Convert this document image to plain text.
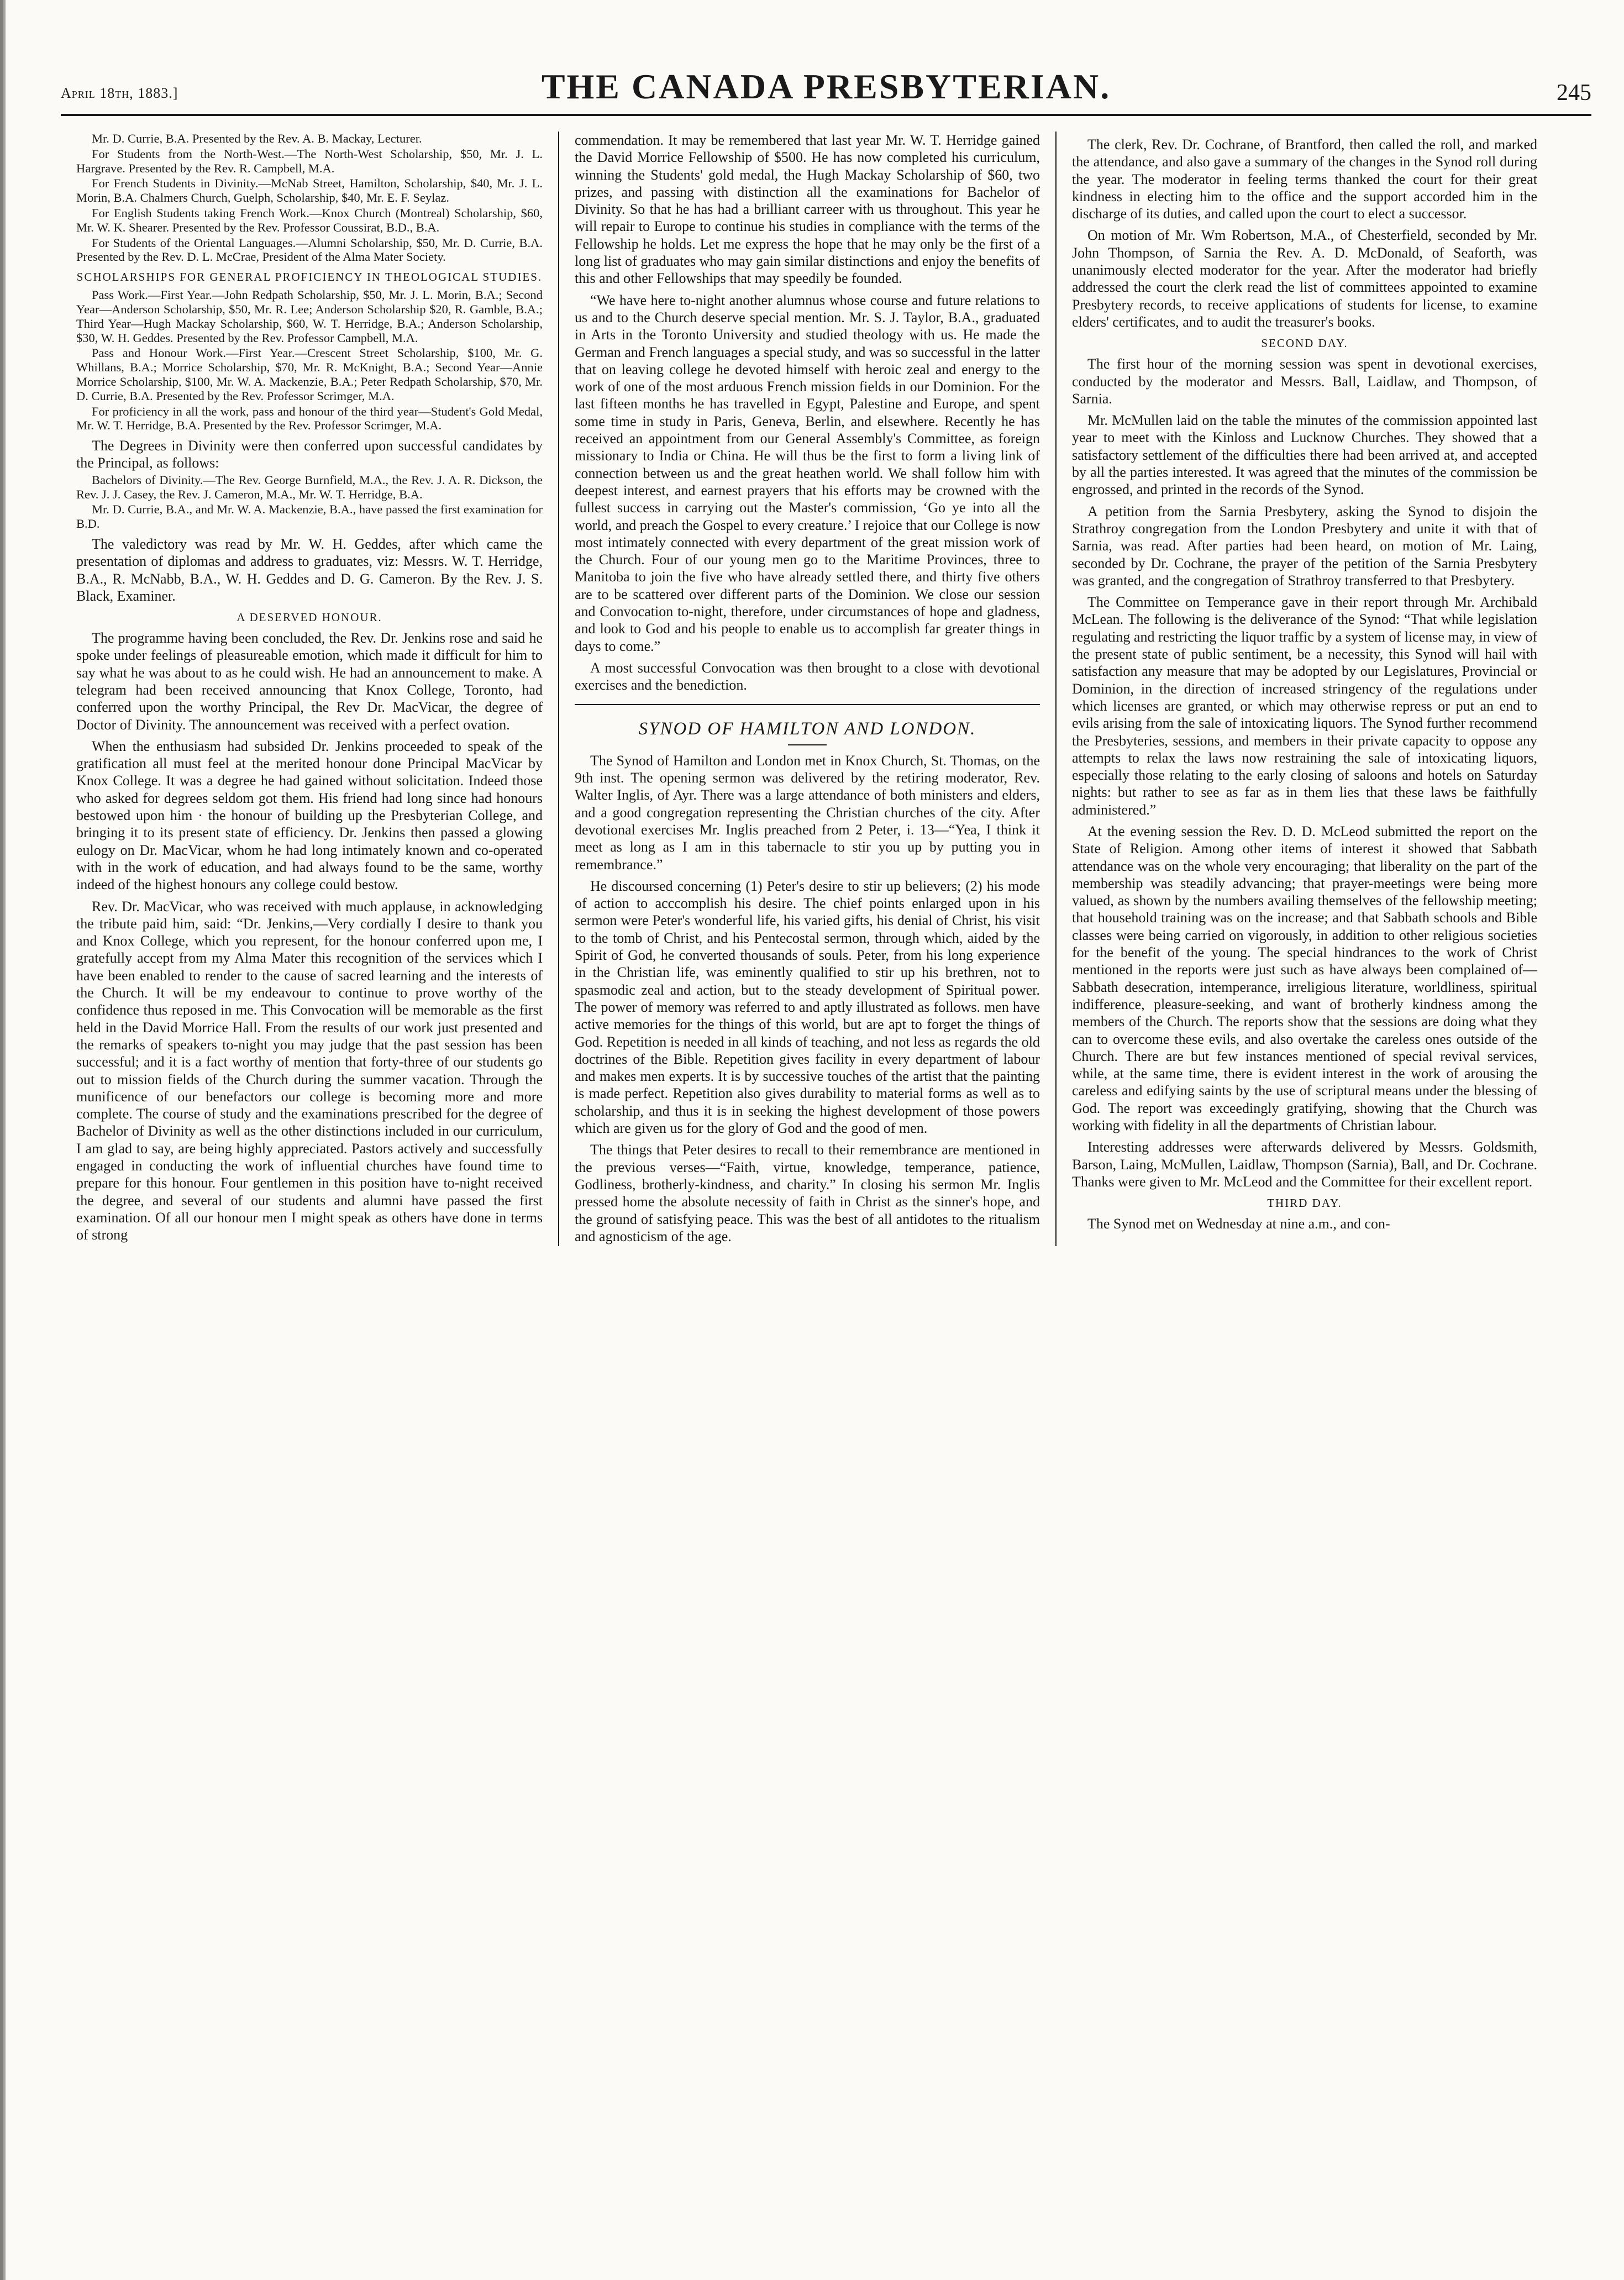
April 18th, 1883.]	THE CANADA PRESBYTERIAN.	245

Mr. D. Currie, B.A. Presented by the Rev. A. B. Mackay, Lecturer.

For Students from the North-West.—The North-West Scholarship, $50, Mr. J. L. Hargrave. Presented by the Rev. R. Campbell, M.A.

For French Students in Divinity.—McNab Street, Hamilton, Scholarship, $40, Mr. J. L. Morin, B.A. Chalmers Church, Guelph, Scholarship, $40, Mr. E. F. Seylaz.

For English Students taking French Work.—Knox Church (Montreal) Scholarship, $60, Mr. W. K. Shearer. Presented by the Rev. Professor Coussirat, B.D., B.A.

For Students of the Oriental Languages.—Alumni Scholarship, $50, Mr. D. Currie, B.A. Presented by the Rev. D. L. McCrae, President of the Alma Mater Society.

SCHOLARSHIPS FOR GENERAL PROFICIENCY IN THEOLOGICAL STUDIES.

Pass Work.—First Year.—John Redpath Scholarship, $50, Mr. J. L. Morin, B.A.; Second Year—Anderson Scholarship, $50, Mr. R. Lee; Anderson Scholarship $20, R. Gamble, B.A.; Third Year—Hugh Mackay Scholarship, $60, W. T. Herridge, B.A.; Anderson Scholarship, $30, W. H. Geddes. Presented by the Rev. Professor Campbell, M.A.

Pass and Honour Work.—First Year.—Crescent Street Scholarship, $100, Mr. G. Whillans, B.A.; Morrice Scholarship, $70, Mr. R. McKnight, B.A.; Second Year—Annie Morrice Scholarship, $100, Mr. W. A. Mackenzie, B.A.; Peter Redpath Scholarship, $70, Mr. D. Currie, B.A. Presented by the Rev. Professor Scrimger, M.A.

For proficiency in all the work, pass and honour of the third year—Student's Gold Medal, Mr. W. T. Herridge, B.A. Presented by the Rev. Professor Scrimger, M.A.

The Degrees in Divinity were then conferred upon successful candidates by the Principal, as follows:

Bachelors of Divinity.—The Rev. George Burnfield, M.A., the Rev. J. A. R. Dickson, the Rev. J. J. Casey, the Rev. J. Cameron, M.A., Mr. W. T. Herridge, B.A.

Mr. D. Currie, B.A., and Mr. W. A. Mackenzie, B.A., have passed the first examination for B.D.

The valedictory was read by Mr. W. H. Geddes, after which came the presentation of diplomas and address to graduates, viz: Messrs. W. T. Herridge, B.A., R. McNabb, B.A., W. H. Geddes and D. G. Cameron. By the Rev. J. S. Black, Examiner.

A DESERVED HONOUR.

The programme having been concluded, the Rev. Dr. Jenkins rose and said he spoke under feelings of pleasureable emotion, which made it difficult for him to say what he was about to as he could wish. He had an announcement to make. A telegram had been received announcing that Knox College, Toronto, had conferred upon the worthy Principal, the Rev Dr. MacVicar, the degree of Doctor of Divinity. The announcement was received with a perfect ovation.

When the enthusiasm had subsided Dr. Jenkins proceeded to speak of the gratification all must feel at the merited honour done Principal MacVicar by Knox College. It was a degree he had gained without solicitation. Indeed those who asked for degrees seldom got them. His friend had long since had honours bestowed upon him · the honour of building up the Presbyterian College, and bringing it to its present state of efficiency. Dr. Jenkins then passed a glowing eulogy on Dr. MacVicar, whom he had long intimately known and co-operated with in the work of education, and had always found to be the same, worthy indeed of the highest honours any college could bestow.

Rev. Dr. MacVicar, who was received with much applause, in acknowledging the tribute paid him, said: “Dr. Jenkins,—Very cordially I desire to thank you and Knox College, which you represent, for the honour conferred upon me, I gratefully accept from my Alma Mater this recognition of the services which I have been enabled to render to the cause of sacred learning and the interests of the Church. It will be my endeavour to continue to prove worthy of the confidence thus reposed in me. This Convocation will be memorable as the first held in the David Morrice Hall. From the results of our work just presented and the remarks of speakers to-night you may judge that the past session has been successful; and it is a fact worthy of mention that forty-three of our students go out to mission fields of the Church during the summer vacation. Through the munificence of our benefactors our college is becoming more and more complete. The course of study and the examinations prescribed for the degree of Bachelor of Divinity as well as the other distinctions included in our curriculum, I am glad to say, are being highly appreciated. Pastors actively and successfully engaged in conducting the work of influential churches have found time to prepare for this honour. Four gentlemen in this position have to-night received the degree, and several of our students and alumni have passed the first examination. Of all our honour men I might speak as others have done in terms of strong

commendation. It may be remembered that last year Mr. W. T. Herridge gained the David Morrice Fellowship of $500. He has now completed his curriculum, winning the Students' gold medal, the Hugh Mackay Scholarship of $60, two prizes, and passing with distinction all the examinations for Bachelor of Divinity. So that he has had a brilliant carreer with us throughout. This year he will repair to Europe to continue his studies in compliance with the terms of the Fellowship he holds. Let me express the hope that he may only be the first of a long list of graduates who may gain similar distinctions and enjoy the benefits of this and other Fellowships that may speedily be founded.

“We have here to-night another alumnus whose course and future relations to us and to the Church deserve special mention. Mr. S. J. Taylor, B.A., graduated in Arts in the Toronto University and studied theology with us. He made the German and French languages a special study, and was so successful in the latter that on leaving college he devoted himself with heroic zeal and energy to the work of one of the most arduous French mission fields in our Dominion. For the last fifteen months he has travelled in Egypt, Palestine and Europe, and spent some time in study in Paris, Geneva, Berlin, and elsewhere. Recently he has received an appointment from our General Assembly's Committee, as foreign missionary to India or China. He will thus be the first to form a living link of connection between us and the great heathen world. We shall follow him with deepest interest, and earnest prayers that his efforts may be crowned with the fullest success in carrying out the Master's commission, ‘Go ye into all the world, and preach the Gospel to every creature.’ I rejoice that our College is now most intimately connected with every department of the great mission work of the Church. Four of our young men go to the Maritime Provinces, three to Manitoba to join the five who have already settled there, and thirty five others are to be scattered over different parts of the Dominion. We close our session and Convocation to-night, therefore, under circumstances of hope and gladness, and look to God and his people to enable us to accomplish far greater things in days to come.”

A most successful Convocation was then brought to a close with devotional exercises and the benediction.

SYNOD OF HAMILTON AND LONDON.

The Synod of Hamilton and London met in Knox Church, St. Thomas, on the 9th inst. The opening sermon was delivered by the retiring moderator, Rev. Walter Inglis, of Ayr. There was a large attendance of both ministers and elders, and a good congregation representing the Christian churches of the city. After devotional exercises Mr. Inglis preached from 2 Peter, i. 13—“Yea, I think it meet as long as I am in this tabernacle to stir you up by putting you in remembrance.”

He discoursed concerning (1) Peter's desire to stir up believers; (2) his mode of action to acccomplish his desire. The chief points enlarged upon in his sermon were Peter's wonderful life, his varied gifts, his denial of Christ, his visit to the tomb of Christ, and his Pentecostal sermon, through which, aided by the Spirit of God, he converted thousands of souls. Peter, from his long experience in the Christian life, was eminently qualified to stir up his brethren, not to spasmodic zeal and action, but to the steady development of Spiritual power. The power of memory was referred to and aptly illustrated as follows. men have active memories for the things of this world, but are apt to forget the things of God. Repetition is needed in all kinds of teaching, and not less as regards the old doctrines of the Bible. Repetition gives facility in every department of labour and makes men experts. It is by successive touches of the artist that the painting is made perfect. Repetition also gives durability to material forms as well as to scholarship, and thus it is in seeking the highest development of those powers which are given us for the glory of God and the good of men.

The things that Peter desires to recall to their remembrance are mentioned in the previous verses—“Faith, virtue, knowledge, temperance, patience, Godliness, brotherly-kindness, and charity.” In closing his sermon Mr. Inglis pressed home the absolute necessity of faith in Christ as the sinner's hope, and the ground of satisfying peace. This was the best of all antidotes to the ritualism and agnosticism of the age.

The clerk, Rev. Dr. Cochrane, of Brantford, then called the roll, and marked the attendance, and also gave a summary of the changes in the Synod roll during the year. The moderator in feeling terms thanked the court for their great kindness in electing him to the office and the support accorded him in the discharge of its duties, and called upon the court to elect a successor.

On motion of Mr. Wm Robertson, M.A., of Chesterfield, seconded by Mr. John Thompson, of Sarnia the Rev. A. D. McDonald, of Seaforth, was unanimously elected moderator for the year. After the moderator had briefly addressed the court the clerk read the list of committees appointed to examine Presbytery records, to receive applications of students for license, to examine elders' certificates, and to audit the treasurer's books.

SECOND DAY.

The first hour of the morning session was spent in devotional exercises, conducted by the moderator and Messrs. Ball, Laidlaw, and Thompson, of Sarnia.

Mr. McMullen laid on the table the minutes of the commission appointed last year to meet with the Kinloss and Lucknow Churches. They showed that a satisfactory settlement of the difficulties there had been arrived at, and accepted by all the parties interested. It was agreed that the minutes of the commission be engrossed, and printed in the records of the Synod.

A petition from the Sarnia Presbytery, asking the Synod to disjoin the Strathroy congregation from the London Presbytery and unite it with that of Sarnia, was read. After parties had been heard, on motion of Mr. Laing, seconded by Dr. Cochrane, the prayer of the petition of the Sarnia Presbytery was granted, and the congregation of Strathroy transferred to that Presbytery.

The Committee on Temperance gave in their report through Mr. Archibald McLean. The following is the deliverance of the Synod: “That while legislation regulating and restricting the liquor traffic by a system of license may, in view of the present state of public sentiment, be a necessity, this Synod will hail with satisfaction any measure that may be adopted by our Legislatures, Provincial or Dominion, in the direction of increased stringency of the regulations under which licenses are granted, or which may otherwise repress or put an end to evils arising from the sale of intoxicating liquors. The Synod further recommend the Presbyteries, sessions, and members in their private capacity to oppose any attempts to relax the laws now restraining the sale of intoxicating liquors, especially those relating to the early closing of saloons and hotels on Saturday nights: but rather to see as far as in them lies that these laws be faithfully administered.”

At the evening session the Rev. D. D. McLeod submitted the report on the State of Religion. Among other items of interest it showed that Sabbath attendance was on the whole very encouraging; that liberality on the part of the membership was steadily advancing; that prayer-meetings were being more valued, as shown by the numbers availing themselves of the fellowship meeting; that household training was on the increase; and that Sabbath schools and Bible classes were being carried on vigorously, in addition to other religious societies for the benefit of the young. The special hindrances to the work of Christ mentioned in the reports were just such as have always been complained of—Sabbath desecration, intemperance, irreligious literature, worldliness, spiritual indifference, pleasure-seeking, and want of brotherly kindness among the members of the Church. The reports show that the sessions are doing what they can to overcome these evils, and also overtake the careless ones outside of the Church. There are but few instances mentioned of special revival services, while, at the same time, there is evident interest in the work of arousing the careless and edifying saints by the use of scriptural means under the blessing of God. The report was exceedingly gratifying, showing that the Church was working with fidelity in all the departments of Christian labour.

Interesting addresses were afterwards delivered by Messrs. Goldsmith, Barson, Laing, McMullen, Laidlaw, Thompson (Sarnia), Ball, and Dr. Cochrane. Thanks were given to Mr. McLeod and the Committee for their excellent report.

THIRD DAY.

The Synod met on Wednesday at nine a.m., and con-
